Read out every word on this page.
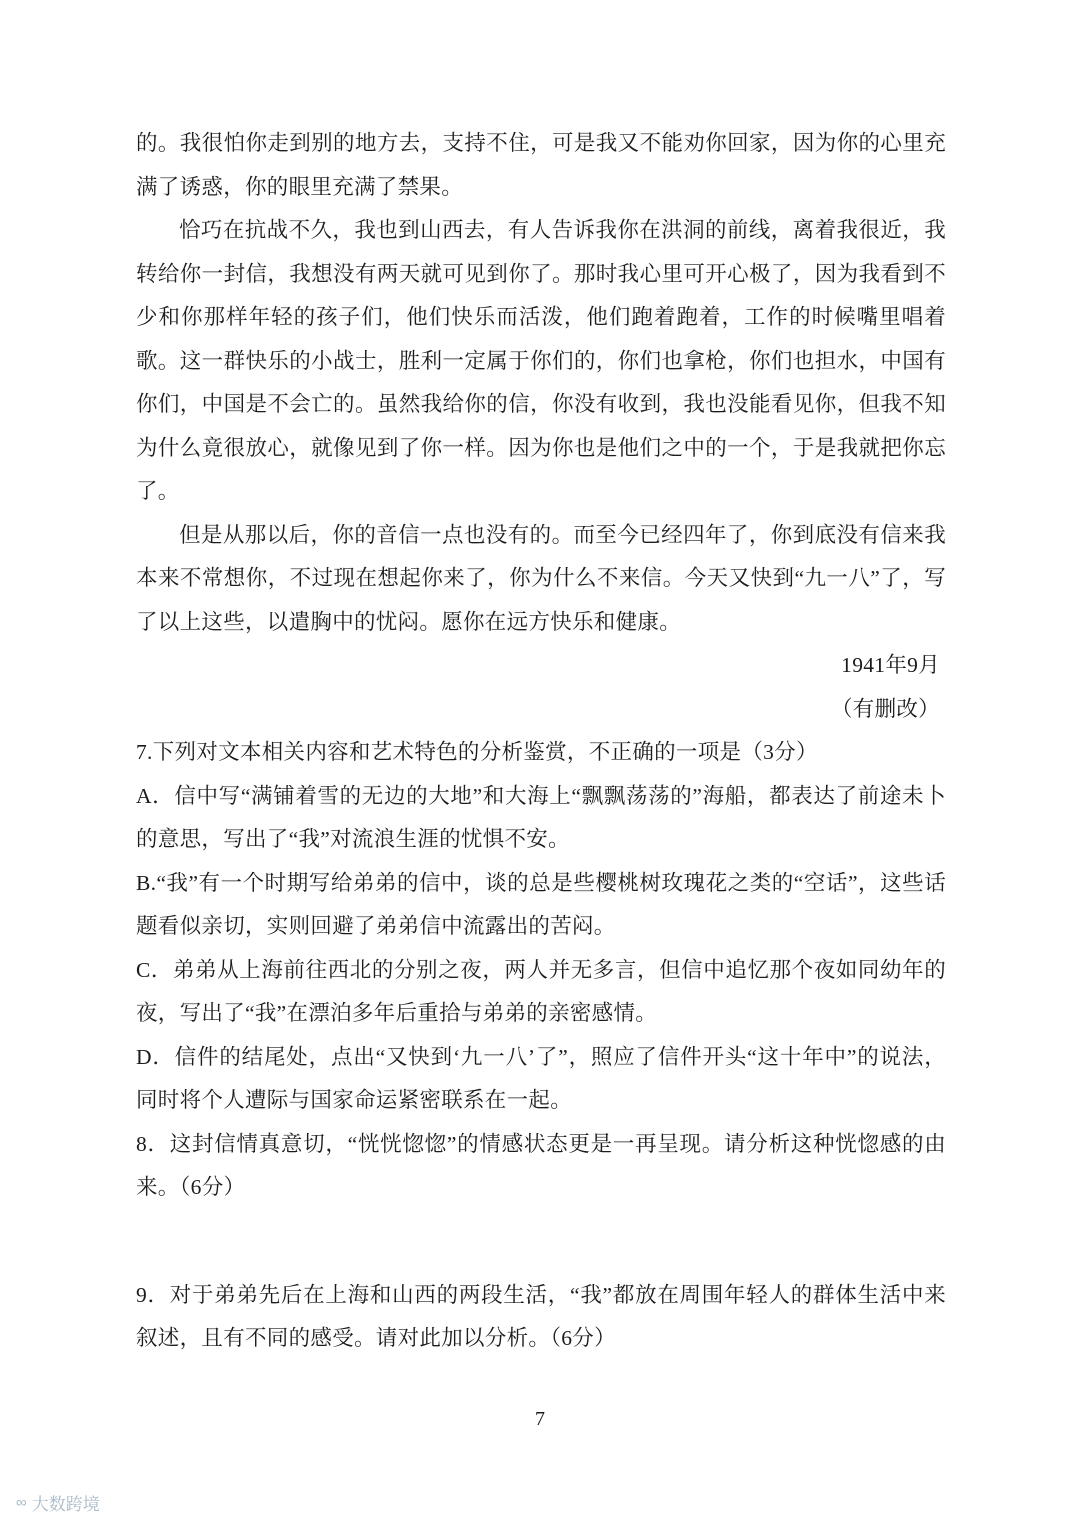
的。我很怕你走到别的地方去，支持不住，可是我又不能劝你回家，因为你的心里充满了诱惑，你的眼里充满了禁果。

恰巧在抗战不久，我也到山西去，有人告诉我你在洪洞的前线，离着我很近，我转给你一封信，我想没有两天就可见到你了。那时我心里可开心极了，因为我看到不少和你那样年轻的孩子们，他们快乐而活泼，他们跑着跑着，工作的时候嘴里唱着歌。这一群快乐的小战士，胜利一定属于你们的，你们也拿枪，你们也担水，中国有你们，中国是不会亡的。虽然我给你的信，你没有收到，我也没能看见你，但我不知为什么竟很放心，就像见到了你一样。因为你也是他们之中的一个，于是我就把你忘了。

但是从那以后，你的音信一点也没有的。而至今已经四年了，你到底没有信来我本来不常想你，不过现在想起你来了，你为什么不来信。今天又快到“九一八”了，写了以上这些，以遣胸中的忧闷。愿你在远方快乐和健康。

1941年9月

（有删改）

7.下列对文本相关内容和艺术特色的分析鉴赏，不正确的一项是（3分）

A．信中写“满铺着雪的无边的大地”和大海上“飘飘荡荡的”海船，都表达了前途未卜的意思，写出了“我”对流浪生涯的忧惧不安。

B.“我”有一个时期写给弟弟的信中，谈的总是些樱桃树玫瑰花之类的“空话”，这些话题看似亲切，实则回避了弟弟信中流露出的苦闷。

C．弟弟从上海前往西北的分别之夜，两人并无多言，但信中追忆那个夜如同幼年的夜，写出了“我”在漂泊多年后重拾与弟弟的亲密感情。

D．信件的结尾处，点出“又快到‘九一八’了”，照应了信件开头“这十年中”的说法，同时将个人遭际与国家命运紧密联系在一起。

8．这封信情真意切，“恍恍惚惚”的情感状态更是一再呈现。请分析这种恍惚感的由来。（6分）

9．对于弟弟先后在上海和山西的两段生活，“我”都放在周围年轻人的群体生活中来叙述，且有不同的感受。请对此加以分析。（6分）

7
∞ 大数跨境
